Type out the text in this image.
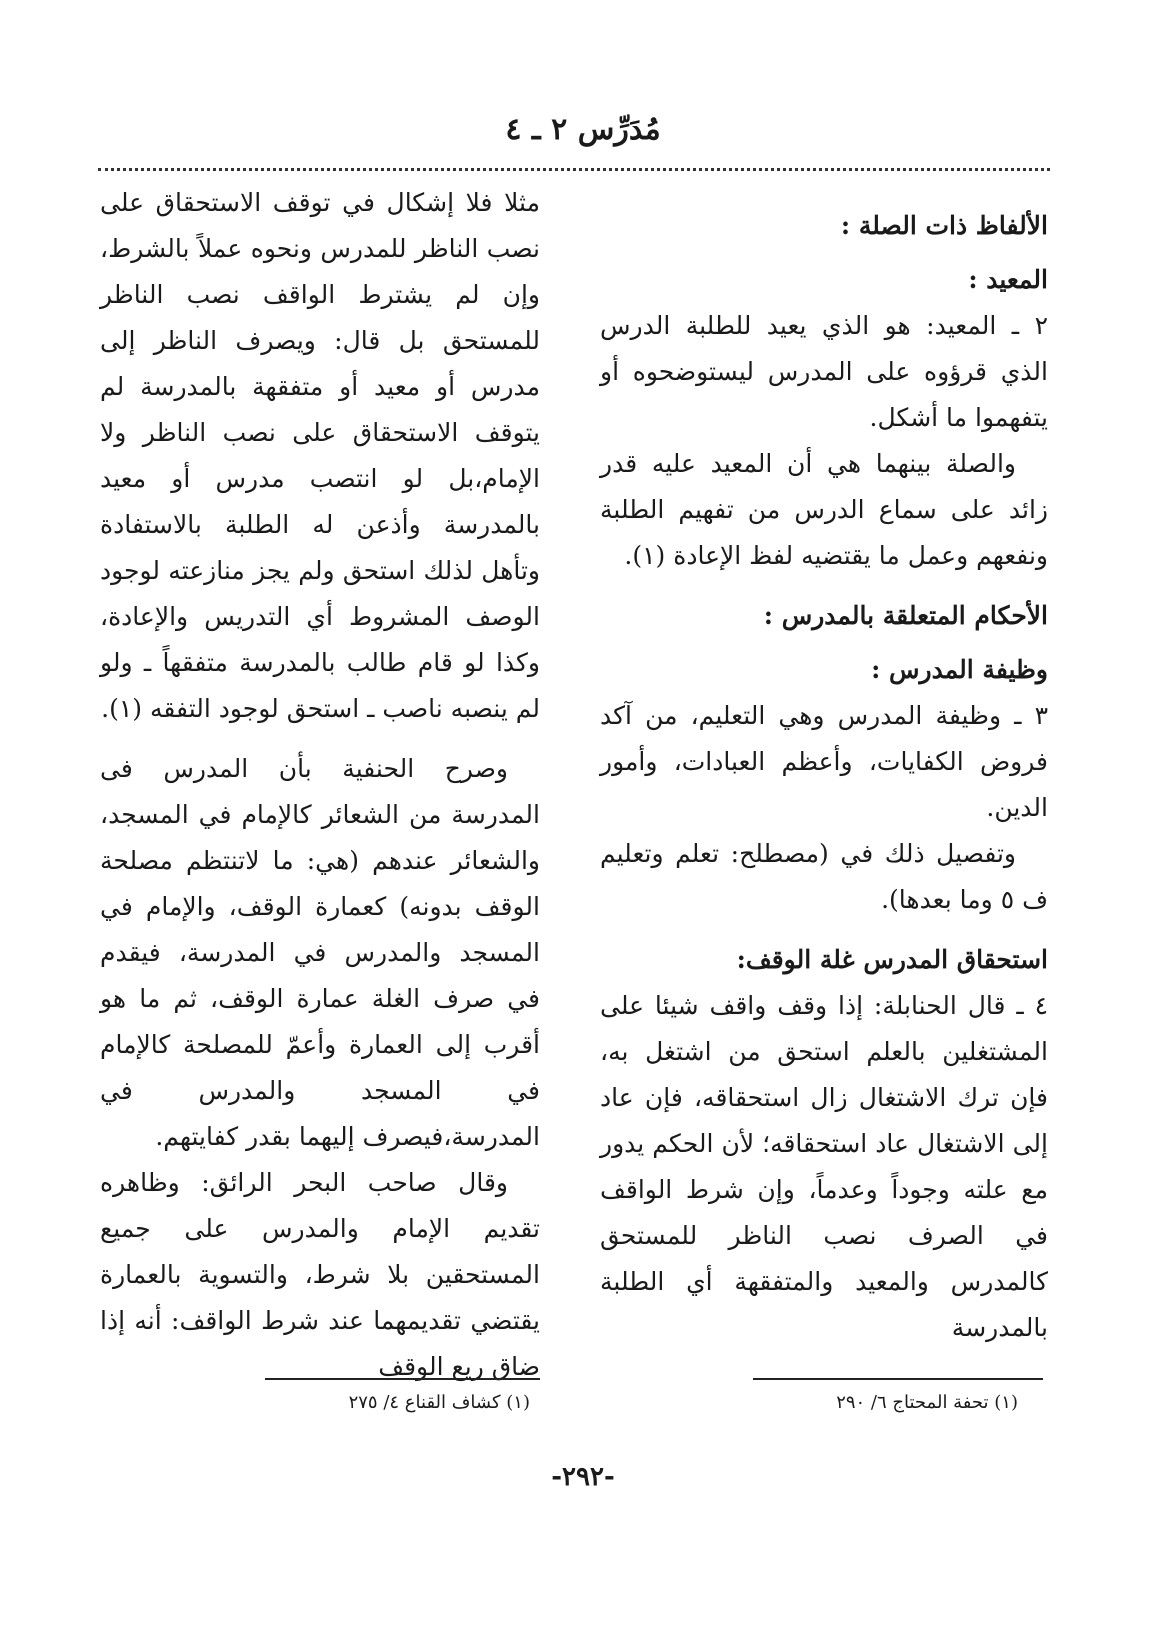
مُدَرِّس ٢ ـ ٤

الألفاظ ذات الصلة :

المعيد :

٢ ـ المعيد: هو الذي يعيد للطلبة الدرس الذي قرؤوه على المدرس ليستوضحوه أو يتفهموا ما أشكل.

والصلة بينهما هي أن المعيد عليه قدر زائد على سماع الدرس من تفهيم الطلبة ونفعهم وعمل ما يقتضيه لفظ الإعادة (١).

الأحكام المتعلقة بالمدرس :

وظيفة المدرس :

٣ ـ وظيفة المدرس وهي التعليم، من آكد فروض الكفايات، وأعظم العبادات، وأمور الدين.

وتفصيل ذلك في (مصطلح: تعلم وتعليم ف ٥ وما بعدها).

استحقاق المدرس غلة الوقف:

٤ ـ قال الحنابلة: إذا وقف واقف شيئا على المشتغلين بالعلم استحق من اشتغل به، فإن ترك الاشتغال زال استحقاقه، فإن عاد إلى الاشتغال عاد استحقاقه؛ لأن الحكم يدور مع علته وجوداً وعدماً، وإن شرط الواقف في الصرف نصب الناظر للمستحق كالمدرس والمعيد والمتفقهة أي الطلبة بالمدرسة

مثلا فلا إشكال في توقف الاستحقاق على نصب الناظر للمدرس ونحوه عملاً بالشرط، وإن لم يشترط الواقف نصب الناظر للمستحق بل قال: ويصرف الناظر إلى مدرس أو معيد أو متفقهة بالمدرسة لم يتوقف الاستحقاق على نصب الناظر ولا الإمام،بل لو انتصب مدرس أو معيد بالمدرسة وأذعن له الطلبة بالاستفادة وتأهل لذلك استحق ولم يجز منازعته لوجود الوصف المشروط أي التدريس والإعادة، وكذا لو قام طالب بالمدرسة متفقهاً ـ ولو لم ينصبه ناصب ـ استحق لوجود التفقه (١).

وصرح الحنفية بأن المدرس فى المدرسة من الشعائر كالإمام في المسجد، والشعائر عندهم (هي: ما لاتنتظم مصلحة الوقف بدونه) كعمارة الوقف، والإمام في المسجد والمدرس في المدرسة، فيقدم في صرف الغلة عمارة الوقف، ثم ما هو أقرب إلى العمارة وأعمّ للمصلحة كالإمام في المسجد والمدرس في المدرسة،فيصرف إليهما بقدر كفايتهم.

وقال صاحب البحر الرائق: وظاهره تقديم الإمام والمدرس على جميع المستحقين بلا شرط، والتسوية بالعمارة يقتضي تقديمهما عند شرط الواقف: أنه إذا ضاق ريع الوقف

(١) تحفة المحتاج ٦/ ٢٩٠
(١) كشاف القناع ٤/ ٢٧٥
-٢٩٢-
